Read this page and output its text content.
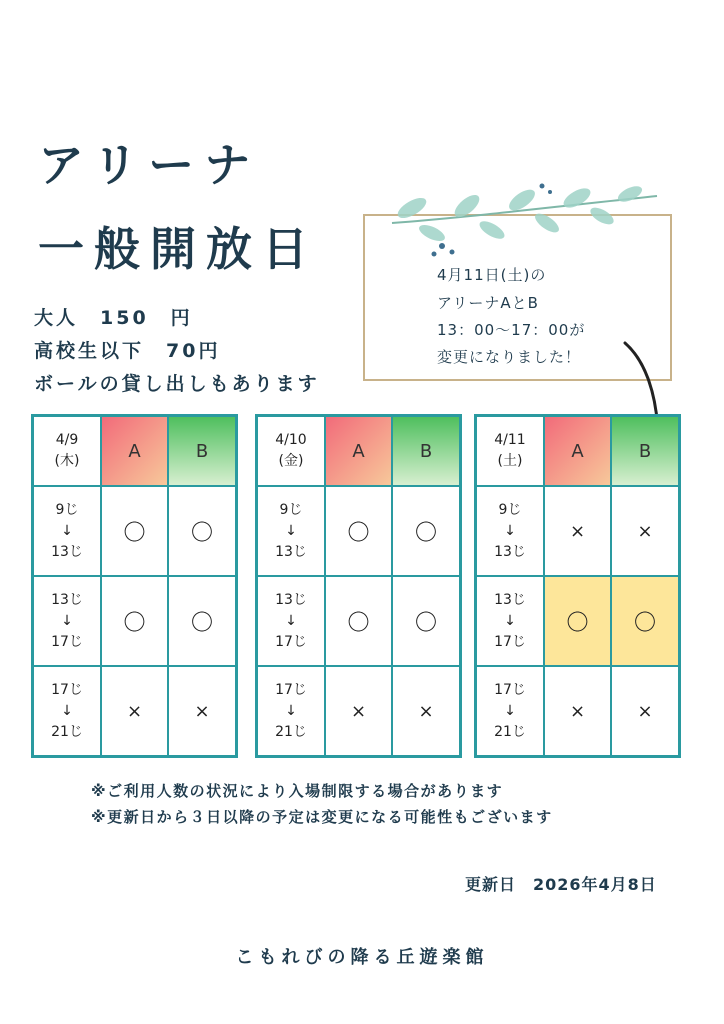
アリーナ
一般開放日
大人　150　円
高校生以下　70円
ボールの貸し出しもあります
4月11日(土)の
アリーナAとB
13：00〜17：00が
変更になりました！
4/9
(木)	A	B
9じ
↓
13じ
〇	〇
13じ
↓
17じ
〇	〇
17じ
↓
21じ
×	×
4/10
(金)	A	B
9じ
↓
13じ
〇	〇
13じ
↓
17じ
〇	〇
17じ
↓
21じ
×	×
4/11
(土)	A	B
9じ
↓
13じ
×	×
13じ
↓
17じ
〇	〇
17じ
↓
21じ
×	×
※ご利用人数の状況により入場制限する場合があります
※更新日から３日以降の予定は変更になる可能性もございます
更新日　2026年4月8日
こもれびの降る丘遊楽館
